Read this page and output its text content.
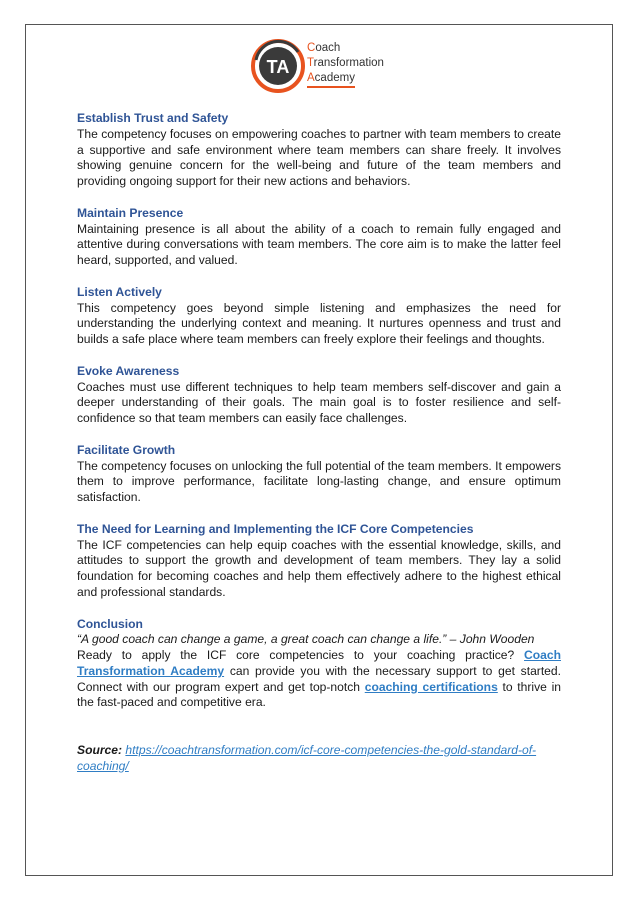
TA
Coach
Transformation
Academy
Establish Trust and Safety
The competency focuses on empowering coaches to partner with team members to create a supportive and safe environment where team members can share freely. It involves showing genuine concern for the well-being and future of the team members and providing ongoing support for their new actions and behaviors.
Maintain Presence
Maintaining presence is all about the ability of a coach to remain fully engaged and attentive during conversations with team members. The core aim is to make the latter feel heard, supported, and valued.
Listen Actively
This competency goes beyond simple listening and emphasizes the need for understanding the underlying context and meaning. It nurtures openness and trust and builds a safe place where team members can freely explore their feelings and thoughts.
Evoke Awareness
Coaches must use different techniques to help team members self-discover and gain a deeper understanding of their goals. The main goal is to foster resilience and self-confidence so that team members can easily face challenges.
Facilitate Growth
The competency focuses on unlocking the full potential of the team members. It empowers them to improve performance, facilitate long-lasting change, and ensure optimum satisfaction.
The Need for Learning and Implementing the ICF Core Competencies
The ICF competencies can help equip coaches with the essential knowledge, skills, and attitudes to support the growth and development of team members. They lay a solid foundation for becoming coaches and help them effectively adhere to the highest ethical and professional standards.
Conclusion
“A good coach can change a game, a great coach can change a life.” – John Wooden
Ready to apply the ICF core competencies to your coaching practice? Coach Transformation Academy can provide you with the necessary support to get started. Connect with our program expert and get top-notch coaching certifications to thrive in the fast-paced and competitive era.
Source: https://coachtransformation.com/icf-core-competencies-the-gold-standard-of-coaching/
